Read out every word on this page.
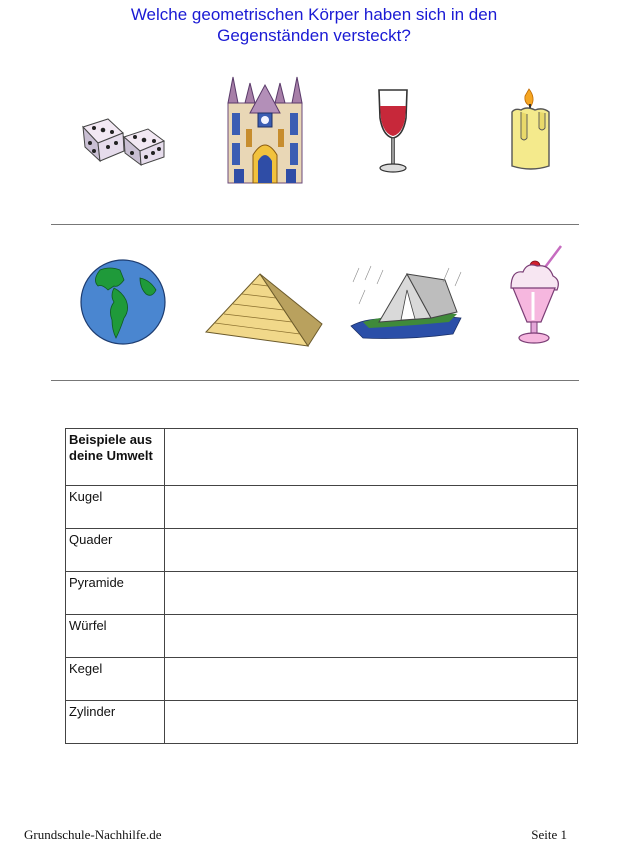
Welche geometrischen Körper haben sich in den
Gegenständen versteckt?
Beispiele aus deine Umwelt	
Kugel	
Quader	
Pyramide	
Würfel	
Kegel	
Zylinder	
Grundschule-Nachhilfe.de	Seite 1
